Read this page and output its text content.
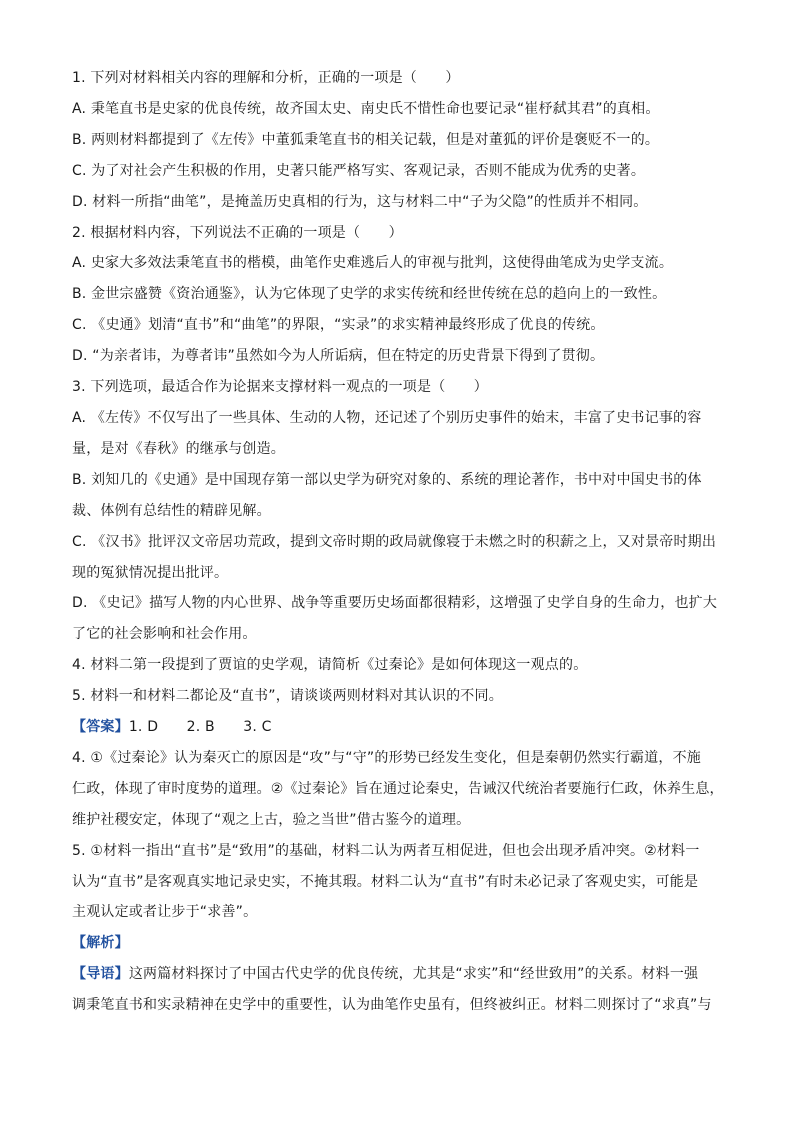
1. 下列对材料相关内容的理解和分析，正确的一项是（　　）
A. 秉笔直书是史家的优良传统，故齐国太史、南史氏不惜性命也要记录“崔杼弑其君”的真相。
B. 两则材料都提到了《左传》中董狐秉笔直书的相关记载，但是对董狐的评价是褒贬不一的。
C. 为了对社会产生积极的作用，史著只能严格写实、客观记录，否则不能成为优秀的史著。
D. 材料一所指“曲笔”，是掩盖历史真相的行为，这与材料二中“子为父隐”的性质并不相同。
2. 根据材料内容，下列说法不正确的一项是（　　）
A. 史家大多效法秉笔直书的楷模，曲笔作史难逃后人的审视与批判，这使得曲笔成为史学支流。
B. 金世宗盛赞《资治通鉴》，认为它体现了史学的求实传统和经世传统在总的趋向上的一致性。
C. 《史通》划清“直书”和“曲笔”的界限，“实录”的求实精神最终形成了优良的传统。
D. “为亲者讳，为尊者讳”虽然如今为人所诟病，但在特定的历史背景下得到了贯彻。
3. 下列选项，最适合作为论据来支撑材料一观点的一项是（　　）
A. 《左传》不仅写出了一些具体、生动的人物，还记述了个别历史事件的始末，丰富了史书记事的容
量，是对《春秋》的继承与创造。
B. 刘知几的《史通》是中国现存第一部以史学为研究对象的、系统的理论著作，书中对中国史书的体
裁、体例有总结性的精辟见解。
C. 《汉书》批评汉文帝居功荒政，提到文帝时期的政局就像寝于未燃之时的积薪之上，又对景帝时期出
现的冤狱情况提出批评。
D. 《史记》描写人物的内心世界、战争等重要历史场面都很精彩，这增强了史学自身的生命力，也扩大
了它的社会影响和社会作用。
4. 材料二第一段提到了贾谊的史学观，请简析《过秦论》是如何体现这一观点的。
5. 材料一和材料二都论及“直书”，请谈谈两则材料对其认识的不同。
【答案】1. D　　2. B　　3. C
4. ①《过秦论》认为秦灭亡的原因是“攻”与“守”的形势已经发生变化，但是秦朝仍然实行霸道，不施
仁政，体现了审时度势的道理。②《过秦论》旨在通过论秦史，告诫汉代统治者要施行仁政，休养生息，
维护社稷安定，体现了“观之上古，验之当世”借古鉴今的道理。
5. ①材料一指出“直书”是“致用”的基础，材料二认为两者互相促进，但也会出现矛盾冲突。②材料一
认为“直书”是客观真实地记录史实，不掩其瑕。材料二认为“直书”有时未必记录了客观史实，可能是
主观认定或者让步于“求善”。
【解析】
【导语】这两篇材料探讨了中国古代史学的优良传统，尤其是“求实”和“经世致用”的关系。材料一强
调秉笔直书和实录精神在史学中的重要性，认为曲笔作史虽有，但终被纠正。材料二则探讨了“求真”与
